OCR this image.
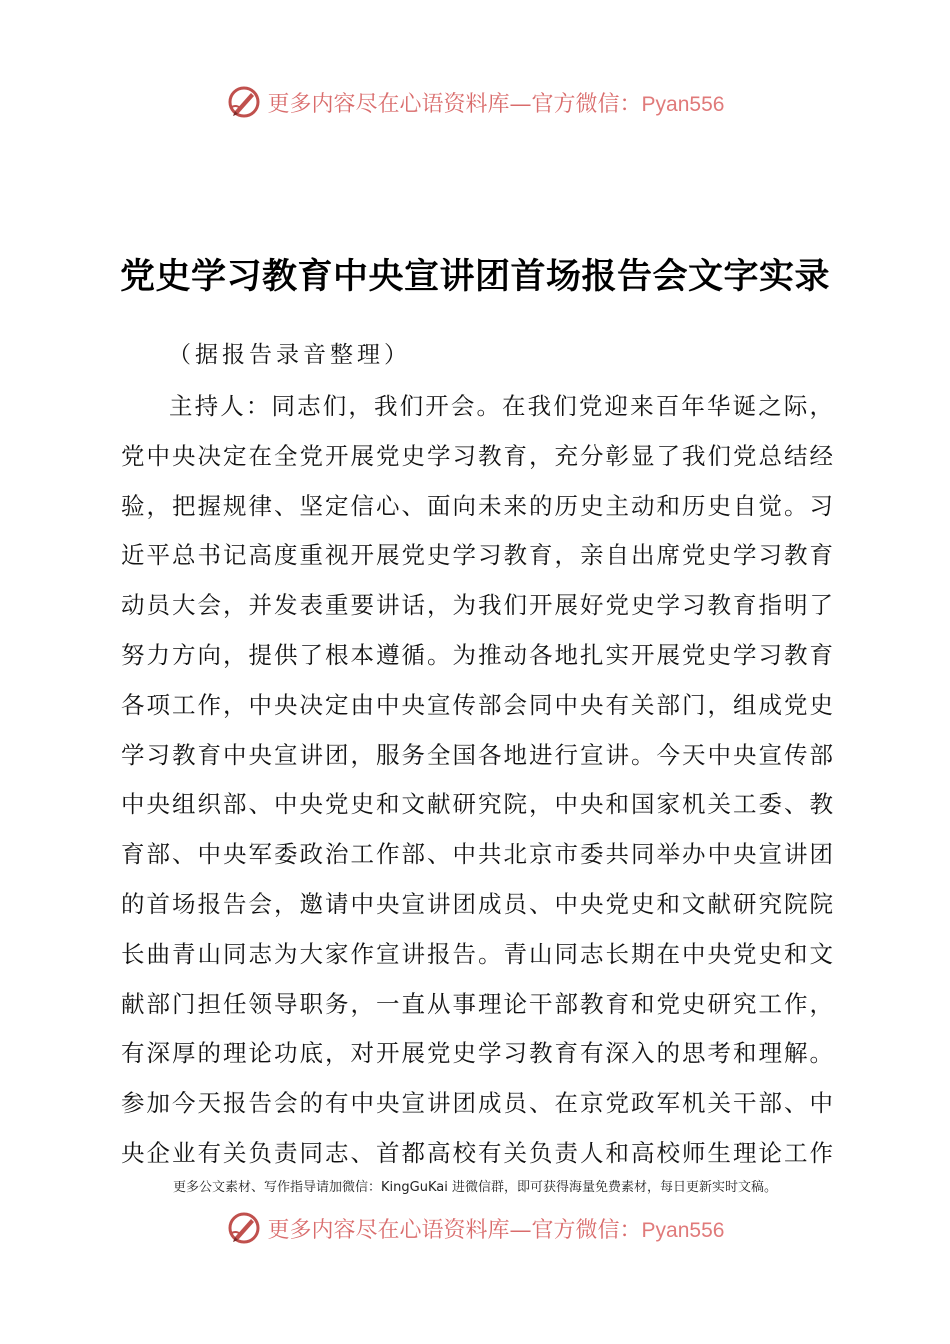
更多内容尽在心语资料库—官方微信：Pyan556
党史学习教育中央宣讲团首场报告会文字实录
（据报告录音整理）
主持人：同志们，我们开会。在我们党迎来百年华诞之际，
党中央决定在全党开展党史学习教育，充分彰显了我们党总结经
验，把握规律、坚定信心、面向未来的历史主动和历史自觉。习
近平总书记高度重视开展党史学习教育，亲自出席党史学习教育
动员大会，并发表重要讲话，为我们开展好党史学习教育指明了
努力方向，提供了根本遵循。为推动各地扎实开展党史学习教育
各项工作，中央决定由中央宣传部会同中央有关部门，组成党史
学习教育中央宣讲团，服务全国各地进行宣讲。今天中央宣传部
中央组织部、中央党史和文献研究院，中央和国家机关工委、教
育部、中央军委政治工作部、中共北京市委共同举办中央宣讲团
的首场报告会，邀请中央宣讲团成员、中央党史和文献研究院院
长曲青山同志为大家作宣讲报告。青山同志长期在中央党史和文
献部门担任领导职务，一直从事理论干部教育和党史研究工作，
有深厚的理论功底，对开展党史学习教育有深入的思考和理解。
参加今天报告会的有中央宣讲团成员、在京党政军机关干部、中
央企业有关负责同志、首都高校有关负责人和高校师生理论工作
更多公文素材、写作指导请加微信：KingGuKai 进微信群，即可获得海量免费素材，每日更新实时文稿。
更多内容尽在心语资料库—官方微信：Pyan556
